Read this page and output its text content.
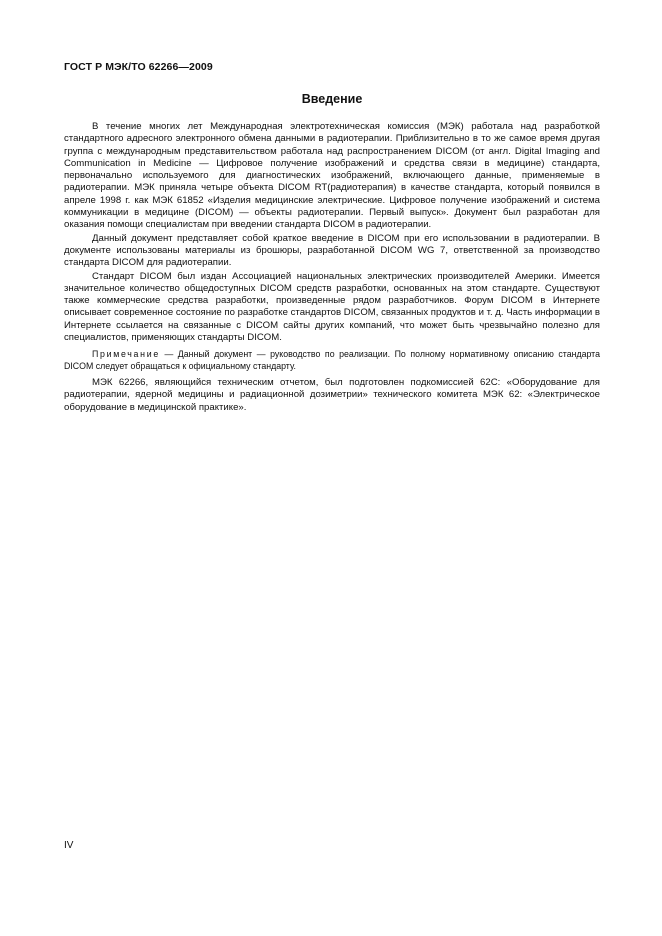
ГОСТ Р МЭК/ТО 62266—2009
Введение

В течение многих лет Международная электротехническая комиссия (МЭК) работала над разработкой стандартного адресного электронного обмена данными в радиотерапии. Приблизительно в то же самое время другая группа с международным представительством работала над распространением DICOM (от англ. Digital Imaging and Communication in Medicine — Цифровое получение изображений и средства связи в медицине) стандарта, первоначально используемого для диагностических изображений, включающего данные, применяемые в радиотерапии. МЭК приняла четыре объекта DICOM RT(радиотерапия) в качестве стандарта, который появился в апреле 1998 г. как МЭК 61852 «Изделия медицинские электрические. Цифровое получение изображений и система коммуникации в медицине (DICOM) — объекты радиотерапии. Первый выпуск». Документ был разработан для оказания помощи специалистам при введении стандарта DICOM в радиотерапии.

Данный документ представляет собой краткое введение в DICOM при его использовании в радиотерапии. В документе использованы материалы из брошюры, разработанной DICOM WG 7, ответственной за производство стандарта DICOM для радиотерапии.

Стандарт DICOM был издан Ассоциацией национальных электрических производителей Америки. Имеется значительное количество общедоступных DICOM средств разработки, основанных на этом стандарте. Существуют также коммерческие средства разработки, произведенные рядом разработчиков. Форум DICOM в Интернете описывает современное состояние по разработке стандартов DICOM, связанных продуктов и т. д. Часть информации в Интернете ссылается на связанные с DICOM сайты других компаний, что может быть чрезвычайно полезно для специалистов, применяющих стандарты DICOM.

Примечание — Данный документ — руководство по реализации. По полному нормативному описанию стандарта DICOM следует обращаться к официальному стандарту.

МЭК 62266, являющийся техническим отчетом, был подготовлен подкомиссией 62С: «Оборудование для радиотерапии, ядерной медицины и радиационной дозиметрии» технического комитета МЭК 62: «Электрическое оборудование в медицинской практике».

IV
